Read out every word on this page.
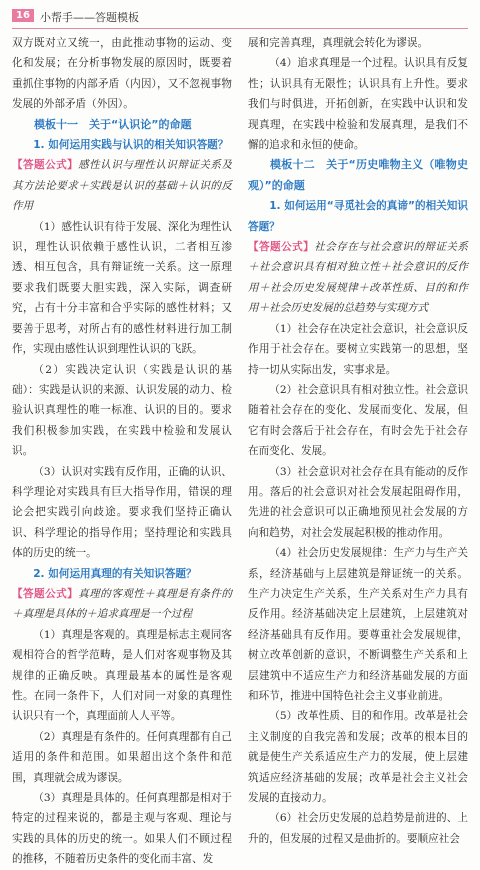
16 小帮手——答题模板

双方既对立又统一，由此推动事物的运动、变化和发展；在分析事物发展的原因时，既要着重抓住事物的内部矛盾（内因），又不忽视事物发展的外部矛盾（外因）。

模板十一　关于“认识论”的命题

1. 如何运用实践与认识的相关知识答题？

【答题公式】感性认识与理性认识辩证关系及其方法论要求＋实践是认识的基础＋认识的反作用

（1）感性认识有待于发展、深化为理性认识，理性认识依赖于感性认识，二者相互渗透、相互包含，具有辩证统一关系。这一原理要求我们既要大胆实践，深入实际，调查研究，占有十分丰富和合乎实际的感性材料；又要善于思考，对所占有的感性材料进行加工制作，实现由感性认识到理性认识的飞跃。

（2）实践决定认识（实践是认识的基础）：实践是认识的来源、认识发展的动力、检验认识真理性的唯一标准、认识的目的。要求我们积极参加实践，在实践中检验和发展认识。

（3）认识对实践有反作用，正确的认识、科学理论对实践具有巨大指导作用，错误的理论会把实践引向歧途。要求我们坚持正确认识、科学理论的指导作用；坚持理论和实践具体的历史的统一。

2. 如何运用真理的有关知识答题？

【答题公式】真理的客观性＋真理是有条件的＋真理是具体的＋追求真理是一个过程

（1）真理是客观的。真理是标志主观同客观相符合的哲学范畴，是人们对客观事物及其规律的正确反映。真理最基本的属性是客观性。在同一条件下，人们对同一对象的真理性认识只有一个，真理面前人人平等。

（2）真理是有条件的。任何真理都有自己适用的条件和范围。如果超出这个条件和范围，真理就会成为谬误。

（3）真理是具体的。任何真理都是相对于特定的过程来说的，都是主观与客观、理论与实践的具体的历史的统一。如果人们不顾过程的推移，不随着历史条件的变化而丰富、发

展和完善真理，真理就会转化为谬误。

（4）追求真理是一个过程。认识具有反复性；认识具有无限性；认识具有上升性。要求我们与时俱进，开拓创新，在实践中认识和发现真理，在实践中检验和发展真理，是我们不懈的追求和永恒的使命。

模板十二　关于“历史唯物主义（唯物史观）”的命题

1. 如何运用“寻觅社会的真谛”的相关知识答题？

【答题公式】社会存在与社会意识的辩证关系＋社会意识具有相对独立性＋社会意识的反作用＋社会历史发展规律＋改革性质、目的和作用＋社会历史发展的总趋势与实现方式

（1）社会存在决定社会意识，社会意识反作用于社会存在。要树立实践第一的思想，坚持一切从实际出发，实事求是。

（2）社会意识具有相对独立性。社会意识随着社会存在的变化、发展而变化、发展，但它有时会落后于社会存在，有时会先于社会存在而变化、发展。

（3）社会意识对社会存在具有能动的反作用。落后的社会意识对社会发展起阻碍作用，先进的社会意识可以正确地预见社会发展的方向和趋势，对社会发展起积极的推动作用。

（4）社会历史发展规律：生产力与生产关系，经济基础与上层建筑是辩证统一的关系。生产力决定生产关系，生产关系对生产力具有反作用。经济基础决定上层建筑，上层建筑对经济基础具有反作用。要尊重社会发展规律，树立改革创新的意识，不断调整生产关系和上层建筑中不适应生产力和经济基础发展的方面和环节，推进中国特色社会主义事业前进。

（5）改革性质、目的和作用。改革是社会主义制度的自我完善和发展；改革的根本目的就是使生产关系适应生产力的发展，使上层建筑适应经济基础的发展；改革是社会主义社会发展的直接动力。

（6）社会历史发展的总趋势是前进的、上升的，但发展的过程又是曲折的。要顺应社会
